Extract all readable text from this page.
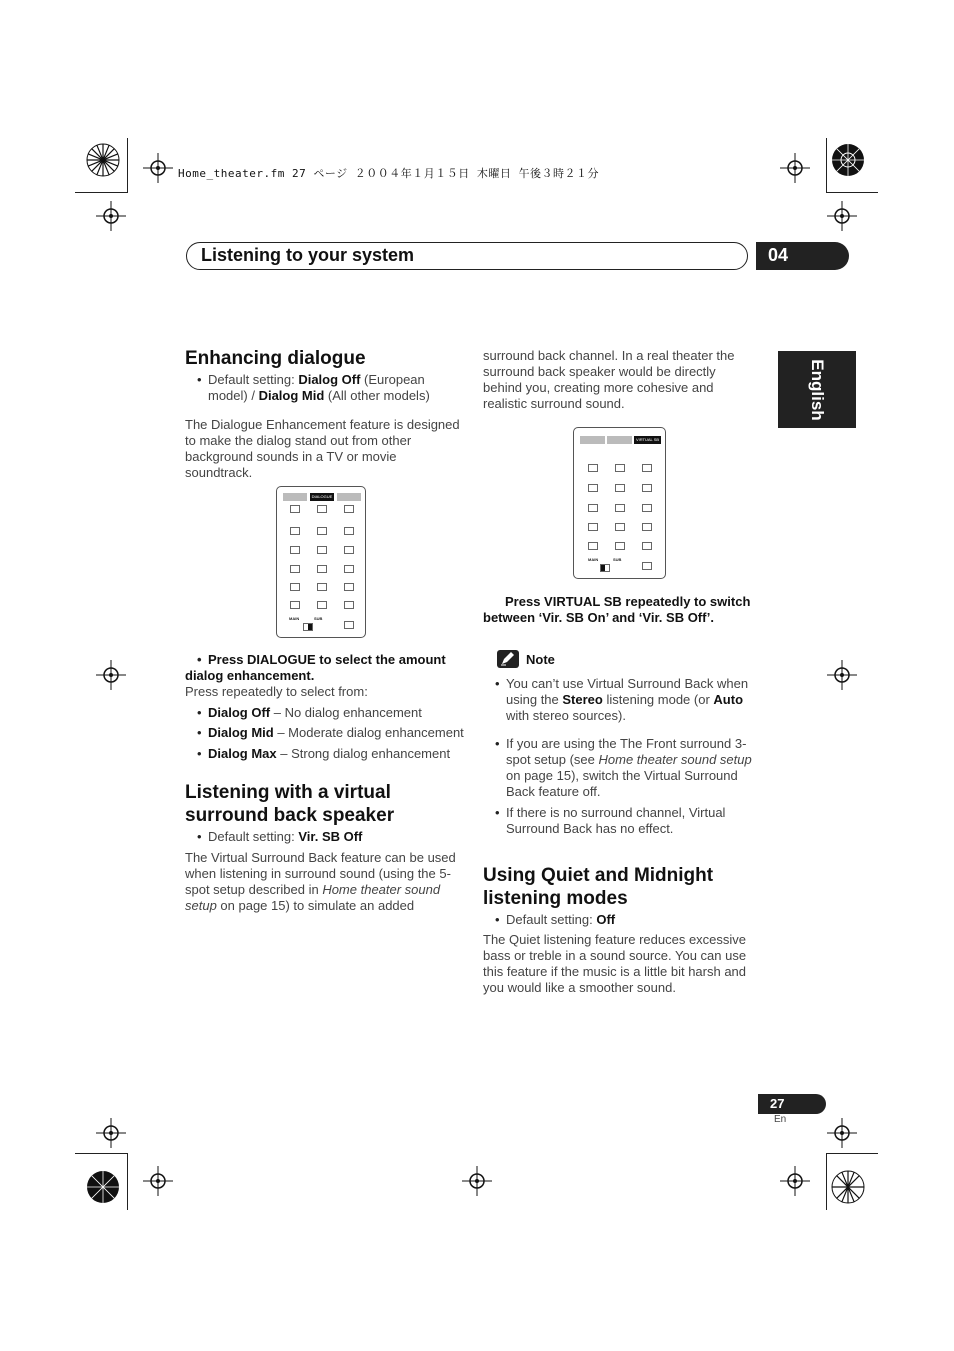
Home_theater.fm 27 ページ ２００４年１月１５日 木曜日 午後３時２１分
Listening to your system	04
English
Enhancing dialogue
• Default setting: Dialog Off (European model) / Dialog Mid (All other models)

The Dialogue Enhancement feature is designed to make the dialog stand out from other background sounds in a TV or movie soundtrack.

DIALOGUE
MAIN	SUB
• Press DIALOGUE to select the amount dialog enhancement.

Press repeatedly to select from:

• Dialog Off – No dialog enhancement
• Dialog Mid – Moderate dialog enhancement
• Dialog Max – Strong dialog enhancement
Listening with a virtual surround back speaker
• Default setting: Vir. SB Off

The Virtual Surround Back feature can be used when listening in surround sound (using the 5-spot setup described in Home theater sound setup on page 15) to simulate an added

surround back channel. In a real theater the surround back speaker would be directly behind you, creating more cohesive and realistic surround sound.

VIRTUAL SB
MAIN	SUB
Press VIRTUAL SB repeatedly to switch between ‘Vir. SB On’ and ‘Vir. SB Off’.
Note
• You can’t use Virtual Surround Back when using the Stereo listening mode (or Auto with stereo sources).
• If you are using the The Front surround 3-spot setup (see Home theater sound setup on page 15), switch the Virtual Surround Back feature off.
• If there is no surround channel, Virtual Surround Back has no effect.
Using Quiet and Midnight listening modes
• Default setting: Off

The Quiet listening feature reduces excessive bass or treble in a sound source. You can use this feature if the music is a little bit harsh and you would like a smoother sound.

27
En
